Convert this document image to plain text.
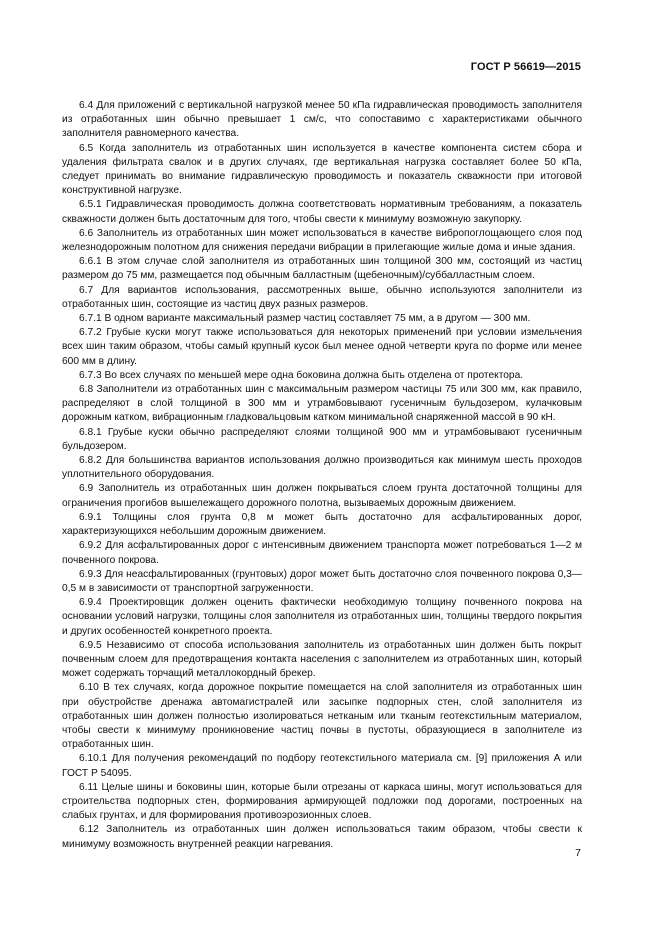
ГОСТ Р 56619—2015

6.4 Для приложений с вертикальной нагрузкой менее 50 кПа гидравлическая проводимость заполнителя из отработанных шин обычно превышает 1 см/с, что сопоставимо с характеристиками обычного заполнителя равномерного качества.

6.5 Когда заполнитель из отработанных шин используется в качестве компонента систем сбора и удаления фильтрата свалок и в других случаях, где вертикальная нагрузка составляет более 50 кПа, следует принимать во внимание гидравлическую проводимость и показатель скважности при итоговой конструктивной нагрузке.

6.5.1 Гидравлическая проводимость должна соответствовать нормативным требованиям, а показатель скважности должен быть достаточным для того, чтобы свести к минимуму возможную закупорку.

6.6 Заполнитель из отработанных шин может использоваться в качестве вибропоглощающего слоя под железнодорожным полотном для снижения передачи вибрации в прилегающие жилые дома и иные здания.

6.6.1 В этом случае слой заполнителя из отработанных шин толщиной 300 мм, состоящий из частиц размером до 75 мм, размещается под обычным балластным (щебеночным)/суббалластным слоем.

6.7 Для вариантов использования, рассмотренных выше, обычно используются заполнители из отработанных шин, состоящие из частиц двух разных размеров.

6.7.1 В одном варианте максимальный размер частиц составляет 75 мм, а в другом — 300 мм.

6.7.2 Грубые куски могут также использоваться для некоторых применений при условии измельчения всех шин таким образом, чтобы самый крупный кусок был менее одной четверти круга по форме или менее 600 мм в длину.

6.7.3 Во всех случаях по меньшей мере одна боковина должна быть отделена от протектора.

6.8 Заполнители из отработанных шин с максимальным размером частицы 75 или 300 мм, как правило, распределяют в слой толщиной в 300 мм и утрамбовывают гусеничным бульдозером, кулачковым дорожным катком, вибрационным гладковальцовым катком минимальной снаряженной массой в 90 кН.

6.8.1 Грубые куски обычно распределяют слоями толщиной 900 мм и утрамбовывают гусеничным бульдозером.

6.8.2 Для большинства вариантов использования должно производиться как минимум шесть проходов уплотнительного оборудования.

6.9 Заполнитель из отработанных шин должен покрываться слоем грунта достаточной толщины для ограничения прогибов вышележащего дорожного полотна, вызываемых дорожным движением.

6.9.1 Толщины слоя грунта 0,8 м может быть достаточно для асфальтированных дорог, характеризующихся небольшим дорожным движением.

6.9.2 Для асфальтированных дорог с интенсивным движением транспорта может потребоваться 1—2 м почвенного покрова.

6.9.3 Для неасфальтированных (грунтовых) дорог может быть достаточно слоя почвенного покрова 0,3—0,5 м в зависимости от транспортной загруженности.

6.9.4 Проектировщик должен оценить фактически необходимую толщину почвенного покрова на основании условий нагрузки, толщины слоя заполнителя из отработанных шин, толщины твердого покрытия и других особенностей конкретного проекта.

6.9.5 Независимо от способа использования заполнитель из отработанных шин должен быть покрыт почвенным слоем для предотвращения контакта населения с заполнителем из отработанных шин, который может содержать торчащий металлокордный брекер.

6.10 В тех случаях, когда дорожное покрытие помещается на слой заполнителя из отработанных шин при обустройстве дренажа автомагистралей или засыпке подпорных стен, слой заполнителя из отработанных шин должен полностью изолироваться нетканым или тканым геотекстильным материалом, чтобы свести к минимуму проникновение частиц почвы в пустоты, образующиеся в заполнителе из отработанных шин.

6.10.1 Для получения рекомендаций по подбору геотекстильного материала см. [9] приложения А или ГОСТ Р 54095.

6.11 Целые шины и боковины шин, которые были отрезаны от каркаса шины, могут использоваться для строительства подпорных стен, формирования армирующей подложки под дорогами, построенных на слабых грунтах, и для формирования противоэрозионных слоев.

6.12 Заполнитель из отработанных шин должен использоваться таким образом, чтобы свести к минимуму возможность внутренней реакции нагревания.

7
